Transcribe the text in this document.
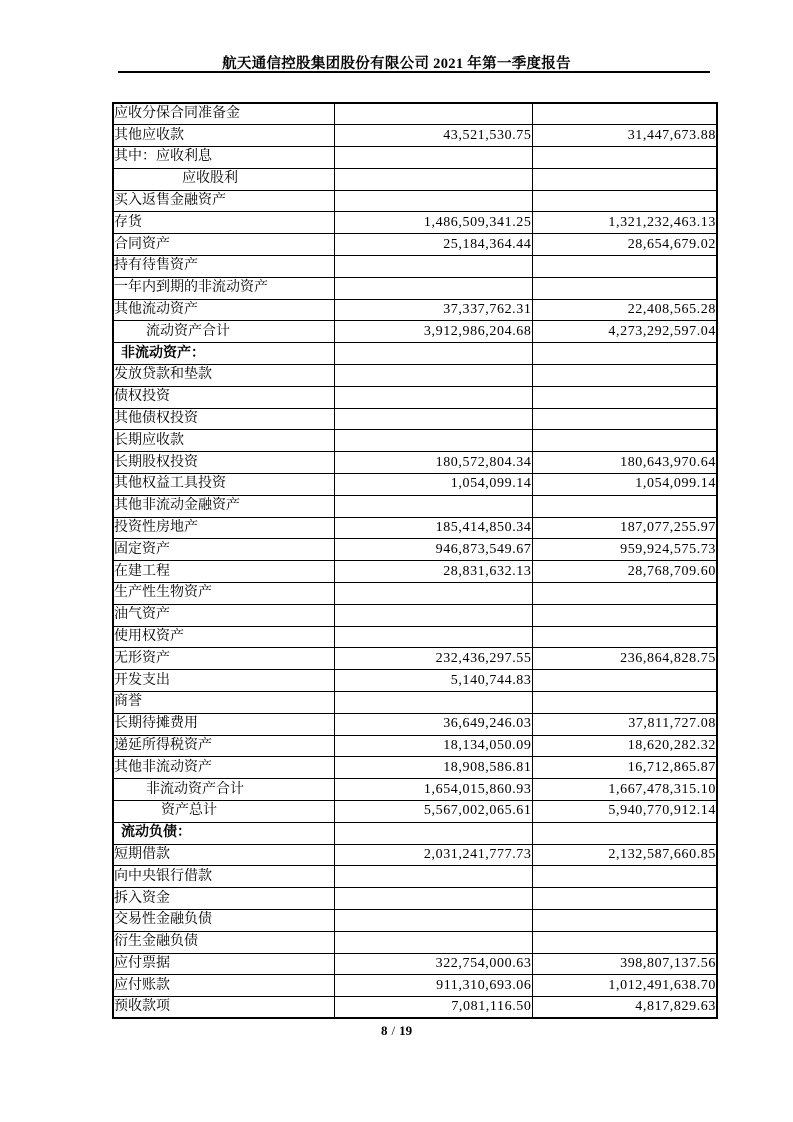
航天通信控股集团股份有限公司 2021 年第一季度报告
应收分保合同准备金		
其他应收款	43,521,530.75	31,447,673.88
其中：应收利息		
应收股利		
买入返售金融资产		
存货	1,486,509,341.25	1,321,232,463.13
合同资产	25,184,364.44	28,654,679.02
持有待售资产		
一年内到期的非流动资产		
其他流动资产	37,337,762.31	22,408,565.28
流动资产合计	3,912,986,204.68	4,273,292,597.04
非流动资产：		
发放贷款和垫款		
债权投资		
其他债权投资		
长期应收款		
长期股权投资	180,572,804.34	180,643,970.64
其他权益工具投资	1,054,099.14	1,054,099.14
其他非流动金融资产		
投资性房地产	185,414,850.34	187,077,255.97
固定资产	946,873,549.67	959,924,575.73
在建工程	28,831,632.13	28,768,709.60
生产性生物资产		
油气资产		
使用权资产		
无形资产	232,436,297.55	236,864,828.75
开发支出	5,140,744.83	
商誉		
长期待摊费用	36,649,246.03	37,811,727.08
递延所得税资产	18,134,050.09	18,620,282.32
其他非流动资产	18,908,586.81	16,712,865.87
非流动资产合计	1,654,015,860.93	1,667,478,315.10
资产总计	5,567,002,065.61	5,940,770,912.14
流动负债：		
短期借款	2,031,241,777.73	2,132,587,660.85
向中央银行借款		
拆入资金		
交易性金融负债		
衍生金融负债		
应付票据	322,754,000.63	398,807,137.56
应付账款	911,310,693.06	1,012,491,638.70
预收款项	7,081,116.50	4,817,829.63
8 / 19
